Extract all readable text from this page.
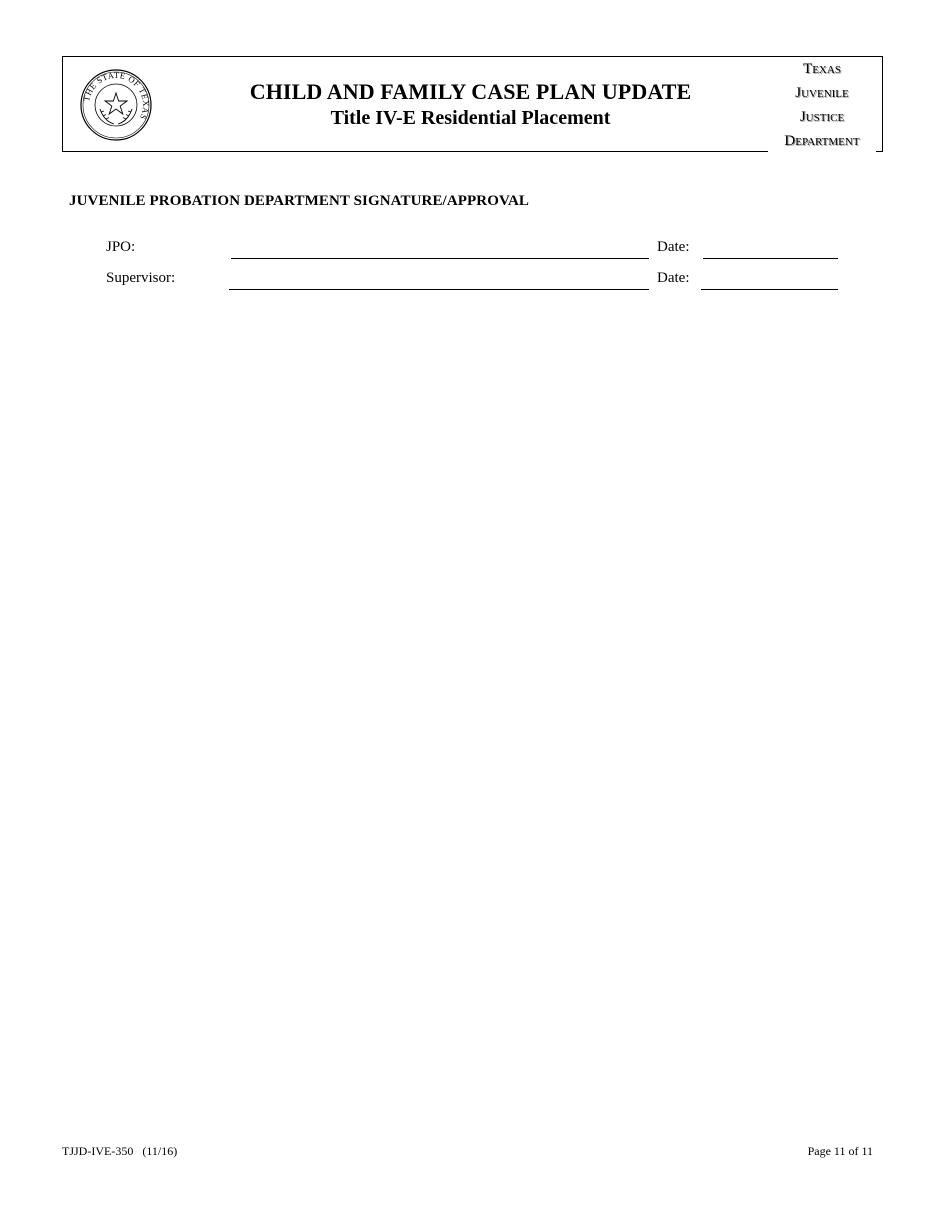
THE STATE OF TEXAS
CHILD AND FAMILY CASE PLAN UPDATE
Title IV-E Residential Placement
Texas
Juvenile
Justice
Department
JUVENILE PROBATION DEPARTMENT SIGNATURE/APPROVAL
JPO:	Date:
Supervisor:	Date:
TJJD-IVE-350   (11/16)	Page 11 of 11
